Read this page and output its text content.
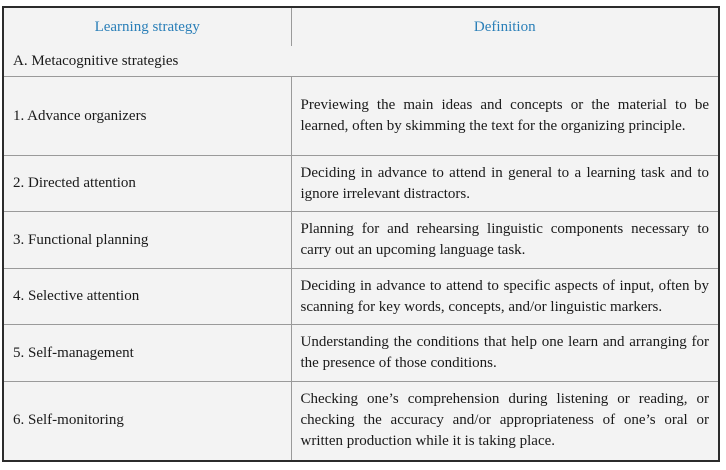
Learning strategy	Definition
A. Metacognitive strategies	
1. Advance organizers	Previewing the main ideas and concepts or the material to be learned, often by skimming the text for the organizing principle.
2. Directed attention	Deciding in advance to attend in general to a learning task and to ignore irrelevant distractors.
3. Functional planning	Planning for and rehearsing linguistic components necessary to carry out an upcoming language task.
4. Selective attention	Deciding in advance to attend to specific aspects of input, often by scanning for key words, concepts, and/or linguistic markers.
5. Self-management	Understanding the conditions that help one learn and arranging for the presence of those conditions.
6. Self-monitoring	Checking one’s comprehension during listening or reading, or checking the accuracy and/or appropriateness of one’s oral or written production while it is taking place.
